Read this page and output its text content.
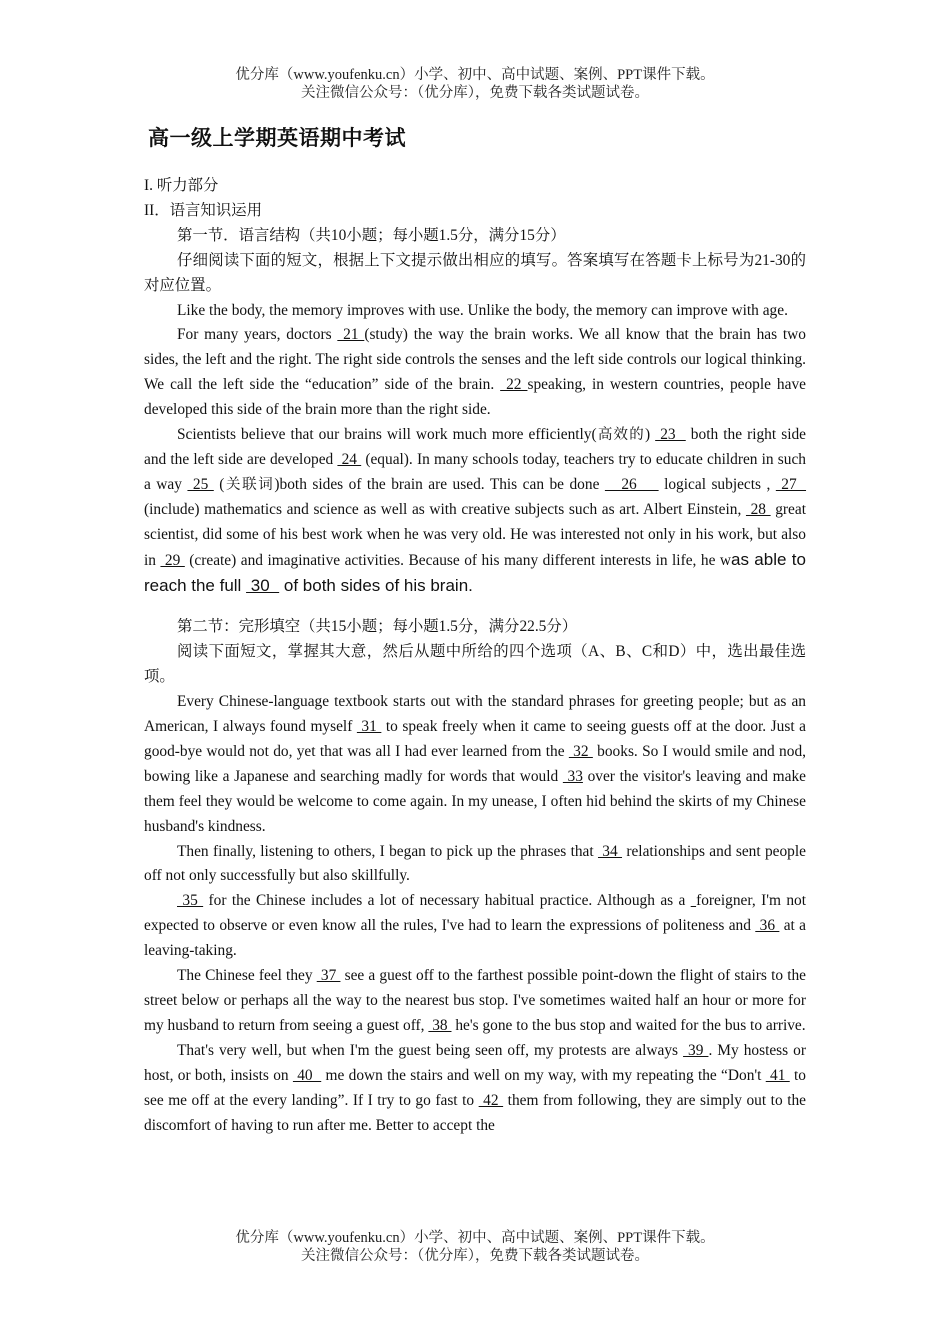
优分库（www.youfenku.cn）小学、初中、高中试题、案例、PPT课件下载。
关注微信公众号：（优分库），免费下载各类试题试卷。
高一级上学期英语期中考试

I. 听力部分

II．语言知识运用

第一节．语言结构（共10小题；每小题1.5分，满分15分）

仔细阅读下面的短文，根据上下文提示做出相应的填写。答案填写在答题卡上标号为21-30的对应位置。

Like the body, the memory improves with use. Unlike the body, the memory can improve with age.

For many years, doctors  21 (study) the way the brain works. We all know that the brain has two sides, the left and the right. The right side controls the senses and the left side controls our logical thinking. We call the left side the “education” side of the brain.  22 speaking, in western countries, people have developed this side of the brain more than the right side.

Scientists believe that our brains will work much more efficiently(高效的)  23   both the right side and the left side are developed  24  (equal). In many schools today, teachers try to educate children in such a way  25  (关联词)both sides of the brain are used. This can be done    26     logical subjects ,  27   (include) mathematics and science as well as with creative subjects such as art. Albert Einstein,  28  great scientist, did some of his best work when he was very old. He was interested not only in his work, but also in  29  (create) and imaginative activities. Because of his many different interests in life, he was able to reach the full  30   of both sides of his brain.

第二节：完形填空（共15小题；每小题1.5分，满分22.5分）

阅读下面短文，掌握其大意，然后从题中所给的四个选项（A、B、C和D）中，选出最佳选项。

Every Chinese-language textbook starts out with the standard phrases for greeting people; but as an American, I always found myself  31  to speak freely when it came to seeing guests off at the door. Just a good-bye would not do, yet that was all I had ever learned from the  32  books. So I would smile and nod, bowing like a Japanese and searching madly for words that would  33 over the visitor's leaving and make them feel they would be welcome to come again. In my unease, I often hid behind the skirts of my Chinese husband's kindness.

Then finally, listening to others, I began to pick up the phrases that  34  relationships and sent people off not only successfully but also skillfully.

35  for the Chinese includes a lot of necessary habitual practice. Although as a  foreigner, I'm not expected to observe or even know all the rules, I've had to learn the expressions of politeness and  36  at a leaving-taking.

The Chinese feel they  37  see a guest off to the farthest possible point-down the flight of stairs to the street below or perhaps all the way to the nearest bus stop. I've sometimes waited half an hour or more for my husband to return from seeing a guest off,  38  he's gone to the bus stop and waited for the bus to arrive.

That's very well, but when I'm the guest being seen off, my protests are always  39 . My hostess or host, or both, insists on  40   me down the stairs and well on my way, with my repeating the “Don't  41  to see me off at the every landing”. If I try to go fast to  42  them from following, they are simply out to the discomfort of having to run after me. Better to accept the

优分库（www.youfenku.cn）小学、初中、高中试题、案例、PPT课件下载。
关注微信公众号：（优分库），免费下载各类试题试卷。
